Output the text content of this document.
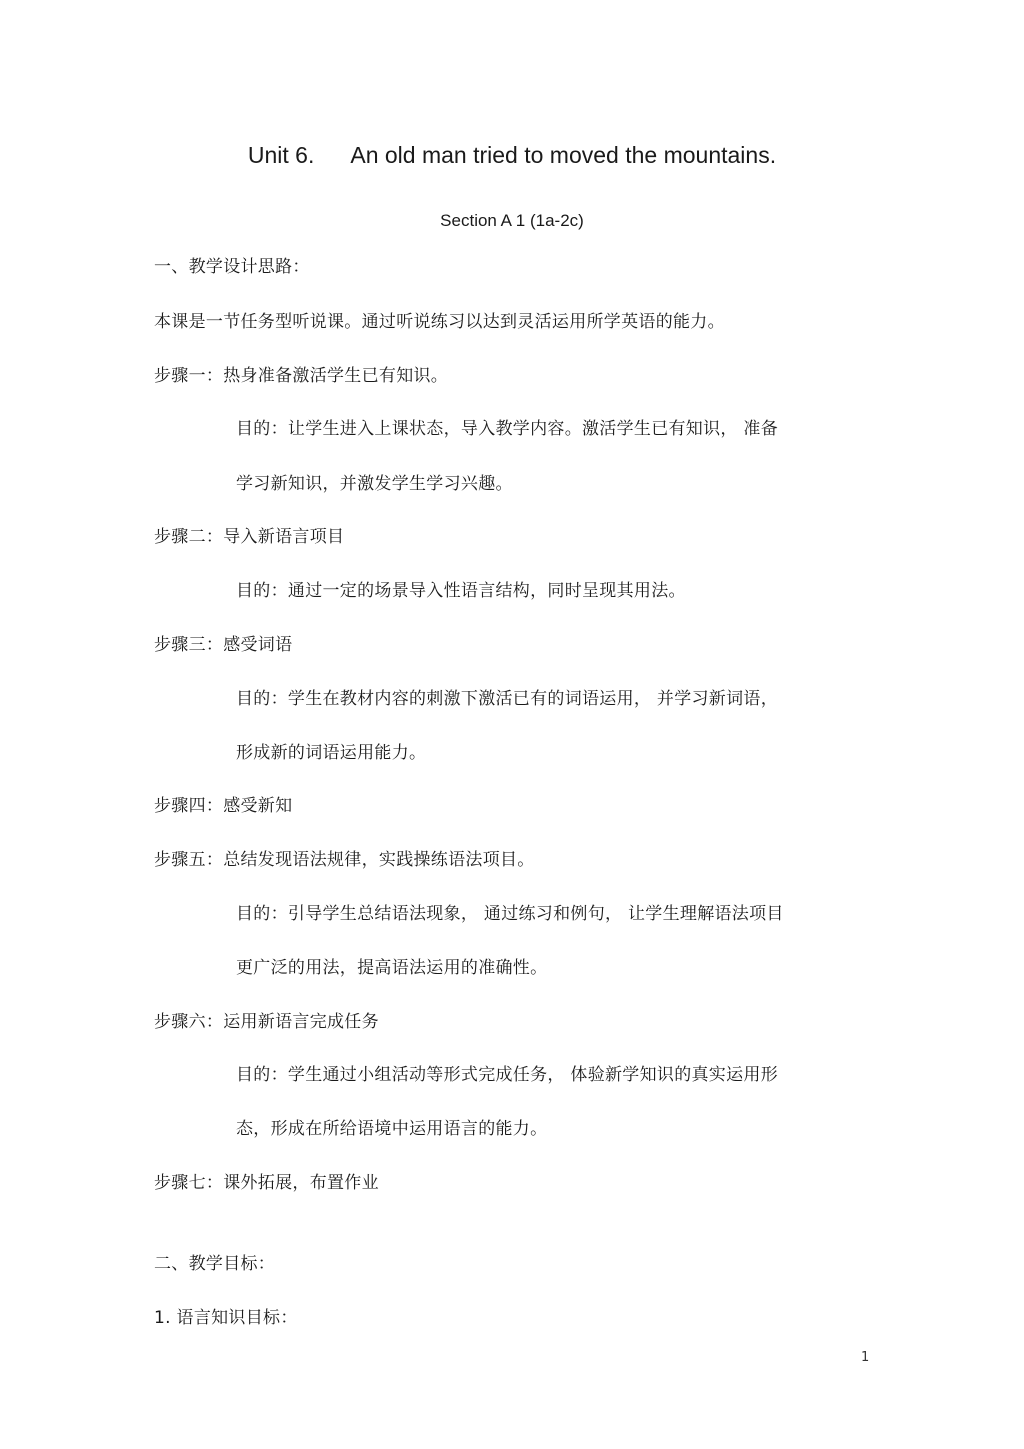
Unit 6. An old man tried to moved the mountains.
Section A 1 (1a-2c)
一、教学设计思路：
本课是一节任务型听说课。通过听说练习以达到灵活运用所学英语的能力。
步骤一：热身准备激活学生已有知识。
目的：让学生进入上课状态，导入教学内容。激活学生已有知识， 准备
学习新知识，并激发学生学习兴趣。
步骤二：导入新语言项目
目的：通过一定的场景导入性语言结构，同时呈现其用法。
步骤三：感受词语
目的：学生在教材内容的刺激下激活已有的词语运用， 并学习新词语，
形成新的词语运用能力。
步骤四：感受新知
步骤五：总结发现语法规律，实践操练语法项目。
目的：引导学生总结语法现象， 通过练习和例句， 让学生理解语法项目
更广泛的用法，提高语法运用的准确性。
步骤六：运用新语言完成任务
目的：学生通过小组活动等形式完成任务， 体验新学知识的真实运用形
态，形成在所给语境中运用语言的能力。
步骤七：课外拓展，布置作业
二、教学目标：
1. 语言知识目标：
1
